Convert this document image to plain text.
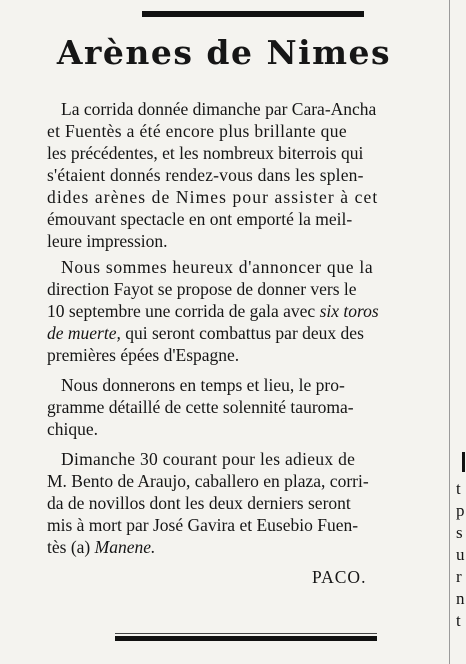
Arènes de Nimes
La corrida donnée dimanche par Cara-Ancha
et Fuentès a été encore plus brillante que
les précédentes, et les nombreux biterrois qui
s'étaient donnés rendez-vous dans les splen-
dides arènes de Nimes pour assister à cet
émouvant spectacle en ont emporté la meil-
leure impression.
Nous sommes heureux d'annoncer que la
direction Fayot se propose de donner vers le
10 septembre une corrida de gala avec six toros
de muerte, qui seront combattus par deux des
premières épées d'Espagne.
Nous donnerons en temps et lieu, le pro-
gramme détaillé de cette solennité tauroma-
chique.
Dimanche 30 courant pour les adieux de
M. Bento de Araujo, caballero en plaza, corri-
da de novillos dont les deux derniers seront
mis à mort par José Gavira et Eusebio Fuen-
tès (a) Manene.
PACO.
t
p
s
u
r
n
t
